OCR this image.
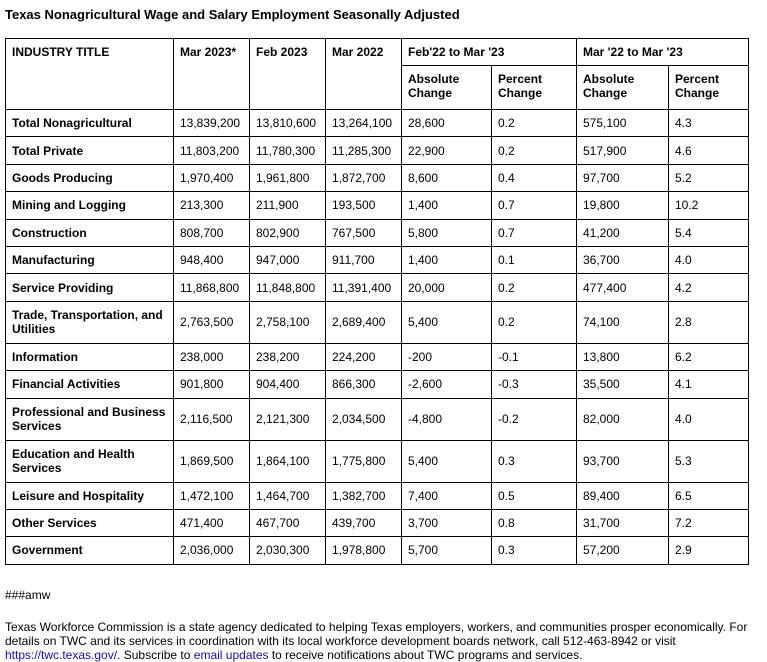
Texas Nonagricultural Wage and Salary Employment Seasonally Adjusted
INDUSTRY TITLE	Mar 2023*	Feb 2023	Mar 2022	Feb'22 to Mar '23		Mar '22 to Mar '23	
				Absolute Change	Percent Change	Absolute Change	Percent Change
Total Nonagricultural	13,839,200	13,810,600	13,264,100	28,600	0.2	575,100	4.3
Total Private	11,803,200	11,780,300	11,285,300	22,900	0.2	517,900	4.6
Goods Producing	1,970,400	1,961,800	1,872,700	8,600	0.4	97,700	5.2
Mining and Logging	213,300	211,900	193,500	1,400	0.7	19,800	10.2
Construction	808,700	802,900	767,500	5,800	0.7	41,200	5.4
Manufacturing	948,400	947,000	911,700	1,400	0.1	36,700	4.0
Service Providing	11,868,800	11,848,800	11,391,400	20,000	0.2	477,400	4.2
Trade, Transportation, and Utilities	2,763,500	2,758,100	2,689,400	5,400	0.2	74,100	2.8
Information	238,000	238,200	224,200	-200	-0.1	13,800	6.2
Financial Activities	901,800	904,400	866,300	-2,600	-0.3	35,500	4.1
Professional and Business Services	2,116,500	2,121,300	2,034,500	-4,800	-0.2	82,000	4.0
Education and Health Services	1,869,500	1,864,100	1,775,800	5,400	0.3	93,700	5.3
Leisure and Hospitality	1,472,100	1,464,700	1,382,700	7,400	0.5	89,400	6.5
Other Services	471,400	467,700	439,700	3,700	0.8	31,700	7.2
Government	2,036,000	2,030,300	1,978,800	5,700	0.3	57,200	2.9
###amw
Texas Workforce Commission is a state agency dedicated to helping Texas employers, workers, and communities prosper economically. For details on TWC and its services in coordination with its local workforce development boards network, call 512-463-8942 or visit https://twc.texas.gov/. Subscribe to email updates to receive notifications about TWC programs and services.
